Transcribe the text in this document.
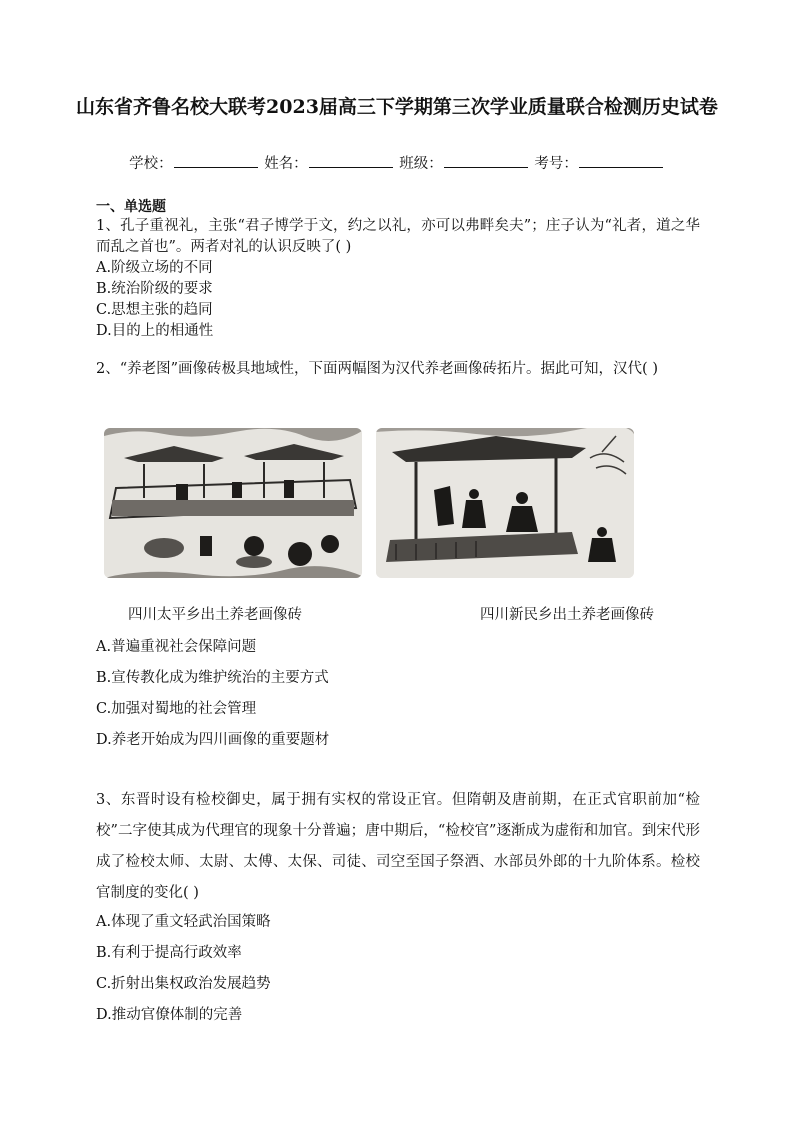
山东省齐鲁名校大联考2023届高三下学期第三次学业质量联合检测历史试卷
学校：	姓名：	班级：	考号：
一、单选题

1、孔子重视礼，主张“君子博学于文，约之以礼，亦可以弗畔矣夫”；庄子认为“礼者，道之华而乱之首也”。两者对礼的认识反映了( )

A.阶级立场的不同

B.统治阶级的要求

C.思想主张的趋同

D.目的上的相通性

2、“养老图”画像砖极具地域性，下面两幅图为汉代养老画像砖拓片。据此可知，汉代( )

四川太平乡出土养老画像砖	四川新民乡出土养老画像砖

A.普遍重视社会保障问题

B.宣传教化成为维护统治的主要方式

C.加强对蜀地的社会管理

D.养老开始成为四川画像的重要题材

3、东晋时设有检校御史，属于拥有实权的常设正官。但隋朝及唐前期，在正式官职前加“检校”二字使其成为代理官的现象十分普遍；唐中期后，“检校官”逐渐成为虚衔和加官。到宋代形成了检校太师、太尉、太傅、太保、司徒、司空至国子祭酒、水部员外郎的十九阶体系。检校官制度的变化( )

A.体现了重文轻武治国策略

B.有利于提高行政效率

C.折射出集权政治发展趋势

D.推动官僚体制的完善
